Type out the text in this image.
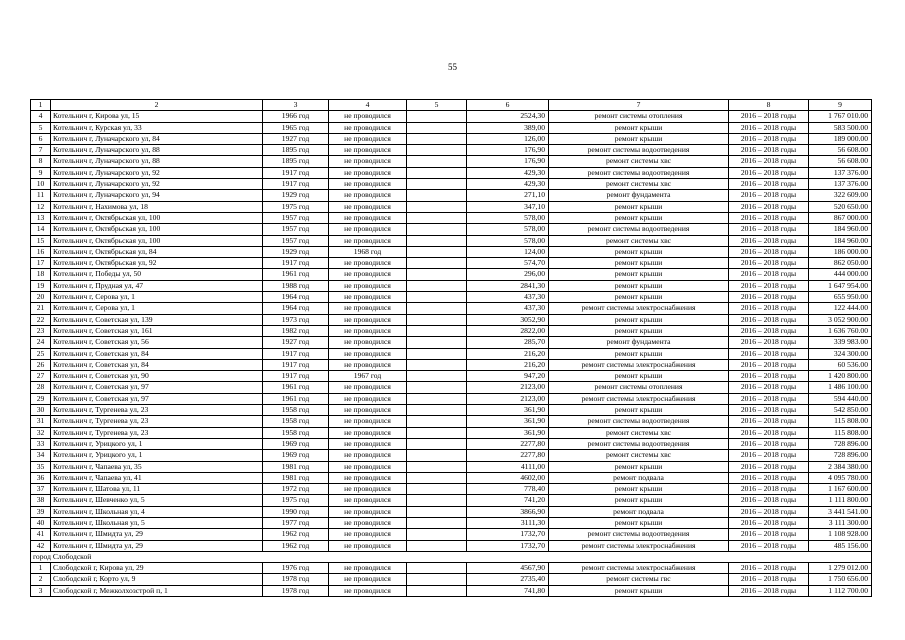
55
1	2	3	4	5	6	7	8	9
4	Котельнич г, Кирова ул, 15	1966 год	не проводился		2524,30	ремонт системы отопления	2016 – 2018 годы	1 767 010.00
5	Котельнич г, Курская ул, 33	1965 год	не проводился		389,00	ремонт крыши	2016 – 2018 годы	583 500.00
6	Котельнич г, Луначарского ул, 84	1927 год	не проводился		126,00	ремонт крыши	2016 – 2018 годы	189 000.00
7	Котельнич г, Луначарского ул, 88	1895 год	не проводился		176,90	ремонт системы водоотведения	2016 – 2018 годы	56 608.00
8	Котельнич г, Луначарского ул, 88	1895 год	не проводился		176,90	ремонт системы хвс	2016 – 2018 годы	56 608.00
9	Котельнич г, Луначарского ул, 92	1917 год	не проводился		429,30	ремонт системы водоотведения	2016 – 2018 годы	137 376.00
10	Котельнич г, Луначарского ул, 92	1917 год	не проводился		429,30	ремонт системы хвс	2016 – 2018 годы	137 376.00
11	Котельнич г, Луначарского ул, 94	1929 год	не проводился		271,10	ремонт фундамента	2016 – 2018 годы	322 609.00
12	Котельнич г, Нахимова ул, 18	1975 год	не проводился		347,10	ремонт крыши	2016 – 2018 годы	520 650.00
13	Котельнич г, Октябрьская ул, 100	1957 год	не проводился		578,00	ремонт крыши	2016 – 2018 годы	867 000.00
14	Котельнич г, Октябрьская ул, 100	1957 год	не проводился		578,00	ремонт системы водоотведения	2016 – 2018 годы	184 960.00
15	Котельнич г, Октябрьская ул, 100	1957 год	не проводился		578,00	ремонт системы хвс	2016 – 2018 годы	184 960.00
16	Котельнич г, Октябрьская ул, 84	1929 год	1968 год		124,00	ремонт крыши	2016 – 2018 годы	186 000.00
17	Котельнич г, Октябрьская ул, 92	1917 год	не проводился		574,70	ремонт крыши	2016 – 2018 годы	862 050.00
18	Котельнич г, Победы ул, 50	1961 год	не проводился		296,00	ремонт крыши	2016 – 2018 годы	444 000.00
19	Котельнич г, Прудная ул, 47	1988 год	не проводился		2841,30	ремонт крыши	2016 – 2018 годы	1 647 954.00
20	Котельнич г, Серова ул, 1	1964 год	не проводился		437,30	ремонт крыши	2016 – 2018 годы	655 950.00
21	Котельнич г, Серова ул, 1	1964 год	не проводился		437,30	ремонт системы электроснабжения	2016 – 2018 годы	122 444.00
22	Котельнич г, Советская ул, 139	1973 год	не проводился		3052,90	ремонт крыши	2016 – 2018 годы	3 052 900.00
23	Котельнич г, Советская ул, 161	1982 год	не проводился		2822,00	ремонт крыши	2016 – 2018 годы	1 636 760.00
24	Котельнич г, Советская ул, 56	1927 год	не проводился		285,70	ремонт фундамента	2016 – 2018 годы	339 983.00
25	Котельнич г, Советская ул, 84	1917 год	не проводился		216,20	ремонт крыши	2016 – 2018 годы	324 300.00
26	Котельнич г, Советская ул, 84	1917 год	не проводился		216,20	ремонт системы электроснабжения	2016 – 2018 годы	60 536.00
27	Котельнич г, Советская ул, 90	1917 год	1967 год		947,20	ремонт крыши	2016 – 2018 годы	1 420 800.00
28	Котельнич г, Советская ул, 97	1961 год	не проводился		2123,00	ремонт системы отопления	2016 – 2018 годы	1 486 100.00
29	Котельнич г, Советская ул, 97	1961 год	не проводился		2123,00	ремонт системы электроснабжения	2016 – 2018 годы	594 440.00
30	Котельнич г, Тургенева ул, 23	1958 год	не проводился		361,90	ремонт крыши	2016 – 2018 годы	542 850.00
31	Котельнич г, Тургенева ул, 23	1958 год	не проводился		361,90	ремонт системы водоотведения	2016 – 2018 годы	115 808.00
32	Котельнич г, Тургенева ул, 23	1958 год	не проводился		361,90	ремонт системы хвс	2016 – 2018 годы	115 808.00
33	Котельнич г, Урицкого ул, 1	1969 год	не проводился		2277,80	ремонт системы водоотведения	2016 – 2018 годы	728 896.00
34	Котельнич г, Урицкого ул, 1	1969 год	не проводился		2277,80	ремонт системы хвс	2016 – 2018 годы	728 896.00
35	Котельнич г, Чапаева ул, 35	1981 год	не проводился		4111,00	ремонт крыши	2016 – 2018 годы	2 384 380.00
36	Котельнич г, Чапаева ул, 41	1981 год	не проводился		4602,00	ремонт подвала	2016 – 2018 годы	4 095 780.00
37	Котельнич г, Шатова ул, 11	1972 год	не проводился		778,40	ремонт крыши	2016 – 2018 годы	1 167 600.00
38	Котельнич г, Шевченко ул, 5	1975 год	не проводился		741,20	ремонт крыши	2016 – 2018 годы	1 111 800.00
39	Котельнич г, Школьная ул, 4	1990 год	не проводился		3866,90	ремонт подвала	2016 – 2018 годы	3 441 541.00
40	Котельнич г, Школьная ул, 5	1977 год	не проводился		3111,30	ремонт крыши	2016 – 2018 годы	3 111 300.00
41	Котельнич г, Шмидта ул, 29	1962 год	не проводился		1732,70	ремонт системы водоотведения	2016 – 2018 годы	1 108 928.00
42	Котельнич г, Шмидта ул, 29	1962 год	не проводился		1732,70	ремонт системы электроснабжения	2016 – 2018 годы	485 156.00
город Слободской								
1	Слободской г, Кирова ул, 29	1976 год	не проводился		4567,90	ремонт системы электроснабжения	2016 – 2018 годы	1 279 012.00
2	Слободской г, Корто ул, 9	1978 год	не проводился		2735,40	ремонт системы гвс	2016 – 2018 годы	1 750 656.00
3	Слободской г, Межколхозстрой п, 1	1978 год	не проводился		741,80	ремонт крыши	2016 – 2018 годы	1 112 700.00
